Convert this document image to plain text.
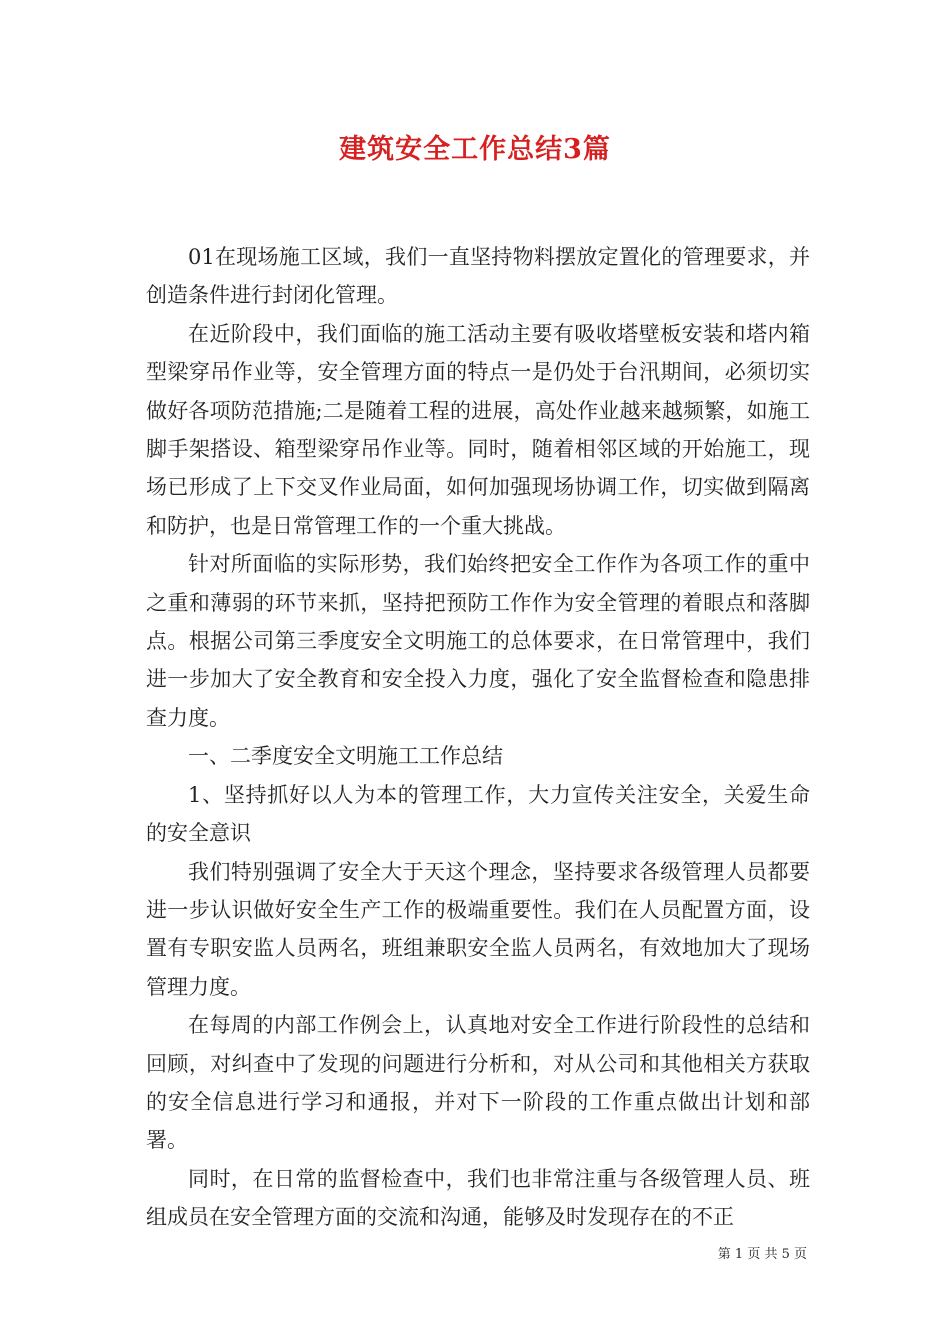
建筑安全工作总结3篇

01在现场施工区域，我们一直坚持物料摆放定置化的管理要求，并创造条件进行封闭化管理。

在近阶段中，我们面临的施工活动主要有吸收塔壁板安装和塔内箱型梁穿吊作业等，安全管理方面的特点一是仍处于台汛期间，必须切实做好各项防范措施;二是随着工程的进展，高处作业越来越频繁，如施工脚手架搭设、箱型梁穿吊作业等。同时，随着相邻区域的开始施工，现场已形成了上下交叉作业局面，如何加强现场协调工作，切实做到隔离和防护，也是日常管理工作的一个重大挑战。

针对所面临的实际形势，我们始终把安全工作作为各项工作的重中之重和薄弱的环节来抓，坚持把预防工作作为安全管理的着眼点和落脚点。根据公司第三季度安全文明施工的总体要求，在日常管理中，我们进一步加大了安全教育和安全投入力度，强化了安全监督检查和隐患排查力度。

一、二季度安全文明施工工作总结

1、坚持抓好以人为本的管理工作，大力宣传关注安全，关爱生命的安全意识

我们特别强调了安全大于天这个理念，坚持要求各级管理人员都要进一步认识做好安全生产工作的极端重要性。我们在人员配置方面，设置有专职安监人员两名，班组兼职安全监人员两名，有效地加大了现场管理力度。

在每周的内部工作例会上，认真地对安全工作进行阶段性的总结和回顾，对纠查中了发现的问题进行分析和，对从公司和其他相关方获取的安全信息进行学习和通报，并对下一阶段的工作重点做出计划和部署。

同时，在日常的监督检查中，我们也非常注重与各级管理人员、班组成员在安全管理方面的交流和沟通，能够及时发现存在的不正

第 1 页 共 5 页
